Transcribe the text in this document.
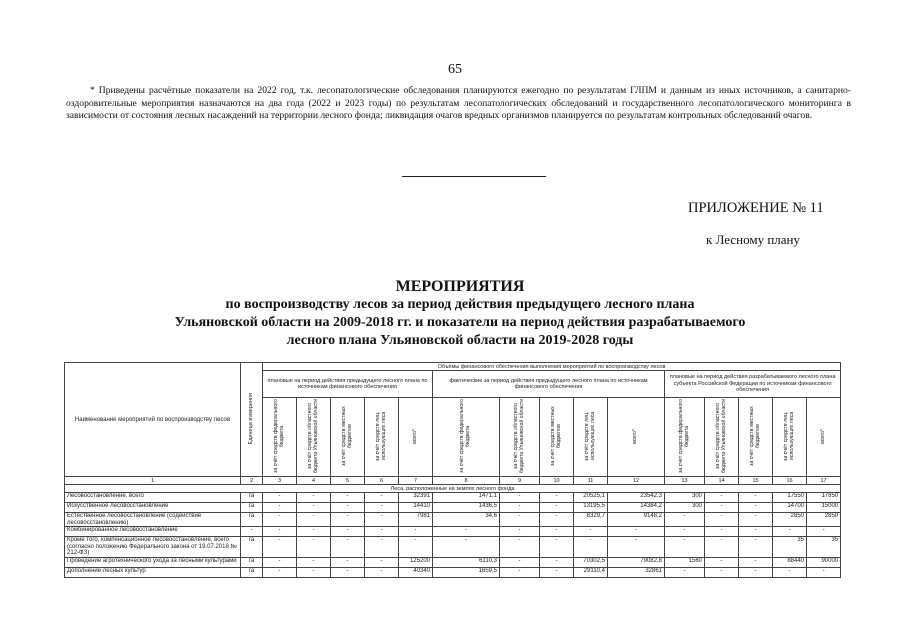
65

* Приведены расчётные показатели на 2022 год, т.к. лесопатологические обследования планируются ежегодно по результатам ГЛПМ и данным из иных источников, а санитарно-оздоровительные мероприятия назначаются на два года (2022 и 2023 годы) по результатам лесопатологических обследований и государственного лесопатологического мониторинга в зависимости от состояния лесных насаждений на территории лесного фонда; ликвидация очагов вредных организмов планируется по результатам контрольных обследований очагов.

ПРИЛОЖЕНИЕ № 11
к Лесному плану
МЕРОПРИЯТИЯ
по воспроизводству лесов за период действия предыдущего лесного плана
Ульяновской области на 2009-2018 гг. и показатели на период действия разрабатываемого
лесного плана Ульяновской области на 2019-2028 годы
Наименование мероприятий по воспроизводству лесов	Единица измерения	Объёмы финансового обеспечения выполнения мероприятий по воспроизводству лесов														
		плановые на период действия предыдущего лесного плана по источникам финансового обеспечения					фактические за период действия предыдущего лесного плана по источникам финансового обеспечения					плановые на период действия разрабатываемого лесного плана субъекта Российской Федерации по источникам финансового обеспечения				
		за счёт средств федерального бюджета	за счёт средств областного бюджета Ульяновской области	за счёт средств местных бюджетов	за счёт средств лиц, использующих леса	всего*	за счёт средств федерального бюджета	за счёт средств областного бюджета Ульяновской области	за счёт средств местных бюджетов	за счёт средств лиц, использующих леса	всего*	за счёт средств федерального бюджета	за счёт средств областного бюджета Ульяновской области	за счёт средств местных бюджетов	за счёт средств лиц, использующих леса	всего*
1	2	3	4	5	6	7	8	9	10	11	12	13	14	15	16	17
Леса, расположенные на землях лесного фонда																
Лесовосстановление, всего	га	-	-	-	-	32391	1471,1	-	-	20525,1	23542,3	300	-	-	17550	17850
Искусственное лесовосстановление	га	-	-	-	-	14410	1436,5	-	-	13195,5	14384,2	300	-	-	14700	15000
Естественное лесовосстановление (содействие лесовосстановлению)	га	-	-	-	-	7981	34,6	-	-	8329,7	9148,2	-	-	-	2850	2850
Комбинированное лесовосстановление	-	-	-	-	-	-	-	-	-	-	-	-	-	-	-	-
Кроме того, компенсационное лесовосстановление, всего (согласно положению Федерального закона от 19.07.2018 № 212-ФЗ)	га	-	-	-	-	-	-	-	-	-	-	-	-	-	35	35
Проведение агротехнического ухода за лесными культурами	га	-	-	-	-	125200	6110,3	-	-	70302,5	79082,8	1560	-	-	88440	90000
Дополнение лесных культур	га	-	-	-	-	40340	1659,5	-	-	29110,4	32861	-	-	-	-	-
